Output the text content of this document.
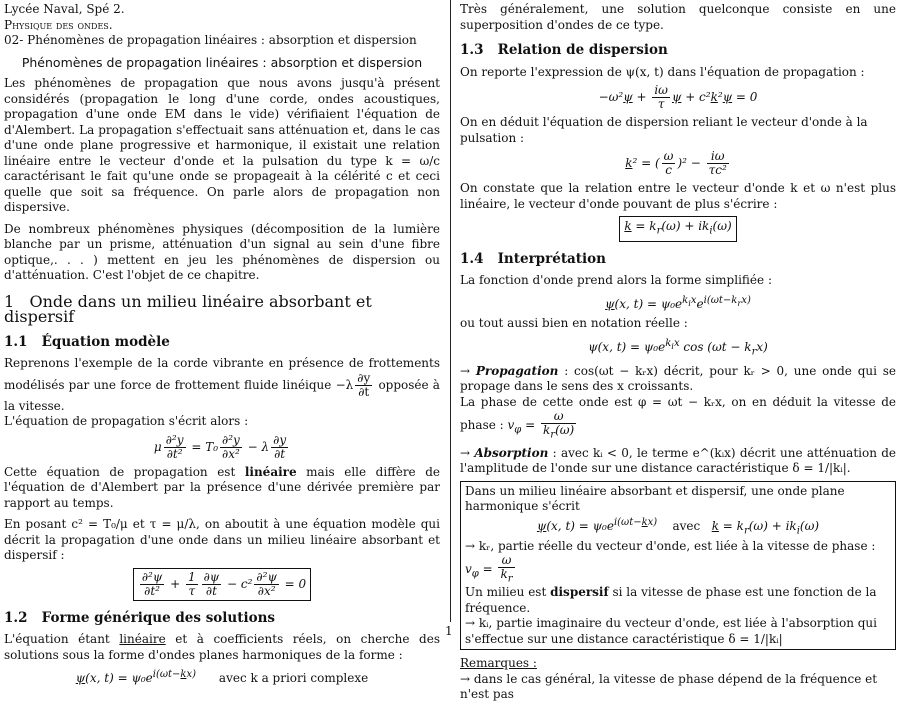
Lycée Naval, Spé 2.

Physique des ondes.

02- Phénomènes de propagation linéaires : absorption et dispersion

Phénomènes de propagation linéaires : absorption et dispersion

Les phénomènes de propagation que nous avons jusqu'à présent considérés (propagation le long d'une corde, ondes acoustiques, propagation d'une onde EM dans le vide) vérifiaient l'équation de d'Alembert. La propagation s'effectuait sans atténuation et, dans le cas d'une onde plane progressive et harmonique, il existait une relation linéaire entre le vecteur d'onde et la pulsation du type k = ω/c caractérisant le fait qu'une onde se propageait à la célérité c et ceci quelle que soit sa fréquence. On parle alors de propagation non dispersive.

De nombreux phénomènes physiques (décomposition de la lumière blanche par un prisme, atténuation d'un signal au sein d'une fibre optique,. . . ) mettent en jeu les phénomènes de dispersion ou d'atténuation. C'est l'objet de ce chapitre.

1 Onde dans un milieu linéaire absorbant et dispersif
1.1 Équation modèle

Reprenons l'exemple de la corde vibrante en présence de frottements modélisés par une force de frottement fluide linéique $-\lambda \frac{\partial y}{\partial t}$ opposée à la vitesse.

L'équation de propagation s'écrit alors :

μ $\frac{\text{∂²y}}{\text{∂t²}} = T_0 \frac{\text{∂²y}}{\text{∂x²}} - \lambda \frac{\partial y}{\partial t}$

Cette équation de propagation est linéaire mais elle diffère de l'équation de d'Alembert par la présence d'une dérivée première par rapport au temps.

En posant c² = T₀/μ et τ = μ/λ, on aboutit à une équation modèle qui décrit la propagation d'une onde dans un milieu linéaire absorbant et dispersif :

$\frac{\text{∂²ψ}}{\text{∂t²}} + \frac{1}{\tau} \frac{\partial\psi}{\partial t} - c^2 \frac{\text{∂²ψ}}{\text{∂x²}} = 0$
1.2 Forme générique des solutions

L'équation étant linéaire et à coefficients réels, on cherche des solutions sous la forme d'ondes planes harmoniques de la forme :

ψ(x, $t) = \psi_0e^{i(\omega t-kx)}$ avec k a priori complexe

Très généralement, une solution quelconque consiste en une superposition d'ondes de ce type.

1.3 Relation de dispersion

On reporte l'expression de ψ(x, t) dans l'équation de propagation :

$-\omega^2\psi + \frac{i\omega}{\tau}$ ψ + c²k²ψ = 0

On en déduit l'équation de dispersion reliant le vecteur d'onde à la pulsation :

k² = ( $\frac{\omega}{c} )^2 - \frac{i\omega}{\text{τc²}}$

On constate que la relation entre le vecteur d'onde k et ω n'est plus linéaire, le vecteur d'onde pouvant de plus s'écrire :

$k = k_r(\omega) + ik_i(\omega)$
1.4 Interprétation

La fonction d'onde prend alors la forme simplifiée :

ψ(x, $t) = \psi_0e^{k_ix}e^{i(\omega t-k_rx)}$

ou tout aussi bien en notation réelle :

ψ(x, $t) = \psi_0e^{k_ix}$ $\cos (\omega t - k_rx)$

→ Propagation : cos(ωt − kᵣx) décrit, pour kᵣ > 0, une onde qui se propage dans le sens des x croissants.

La phase de cette onde est φ = ωt − kᵣx, on en déduit la vitesse de phase : $v_\varphi = \frac{\omega}{k_r(\omega)}$

→ Absorption : avec kᵢ < 0, le terme e^(kᵢx) décrit une atténuation de l'amplitude de l'onde sur une distance caractéristique δ = 1/|kᵢ|.

Dans un milieu linéaire absorbant et dispersif, une onde plane harmonique s'écrit

ψ(x, $t) = \psi_0e^{i(\omega t-kx)}$ avec $k = k_r(\omega) + ik_i(\omega)$

→ kᵣ, partie réelle du vecteur d'onde, est liée à la vitesse de phase : $v_\varphi = \frac{\omega}{k_r}$

Un milieu est dispersif si la vitesse de phase est une fonction de la fréquence.

→ kᵢ, partie imaginaire du vecteur d'onde, est liée à l'absorption qui s'effectue sur une distance caractéristique δ = 1/|kᵢ|

Remarques :

→ dans le cas général, la vitesse de phase dépend de la fréquence et n'est pas

1
